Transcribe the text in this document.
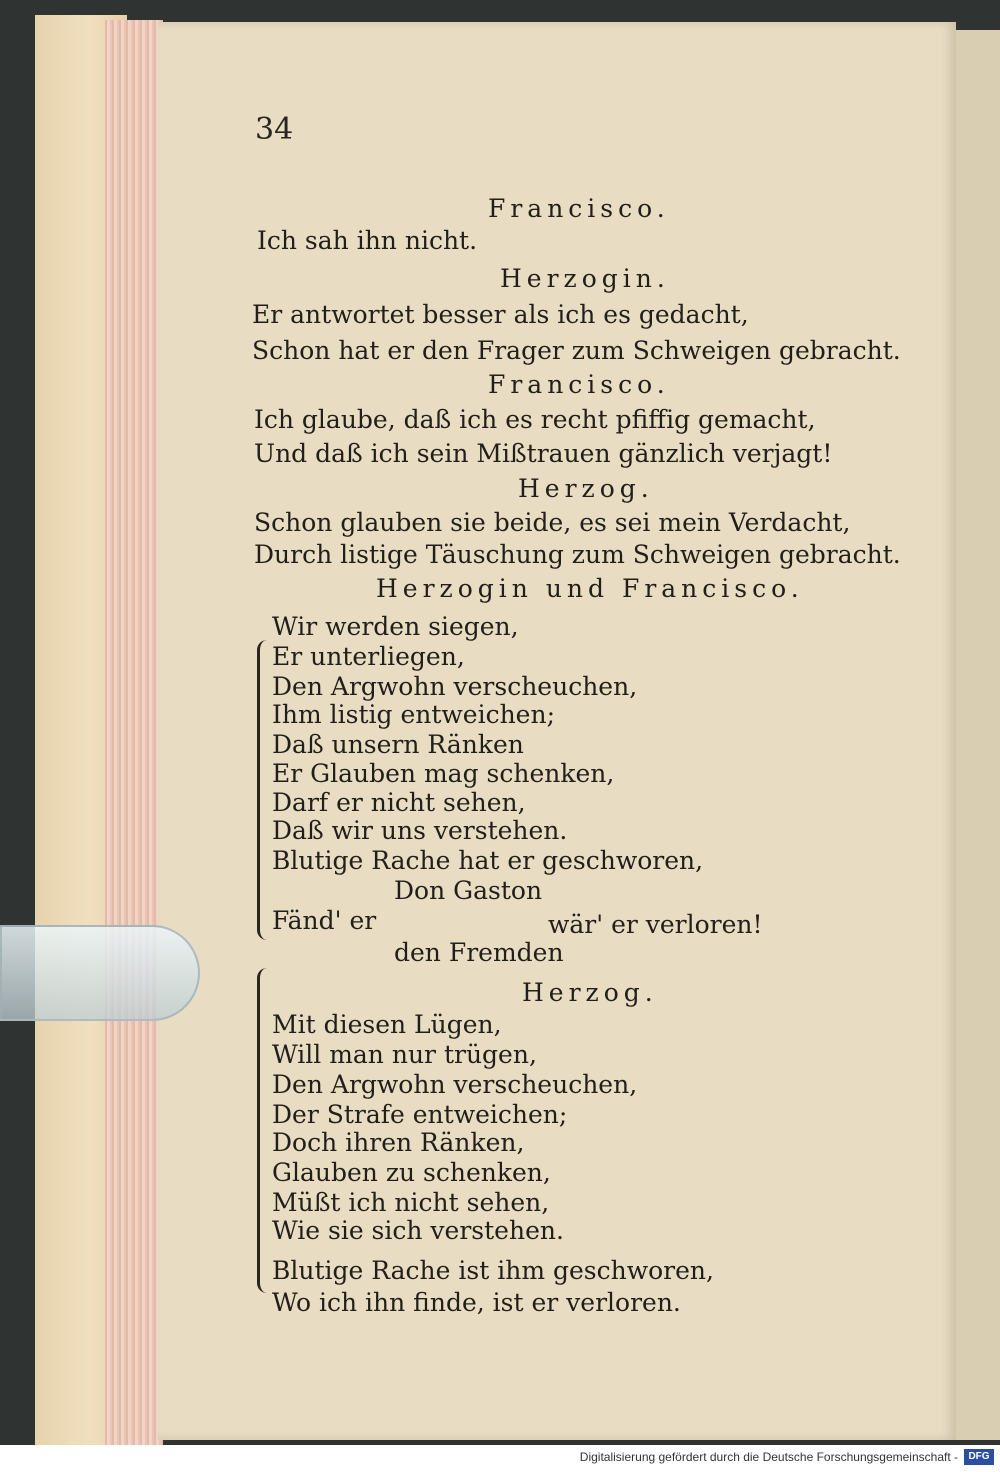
34
Francisco.
Ich sah ihn nicht.
Herzogin.
Er antwortet besser als ich es gedacht,
Schon hat er den Frager zum Schweigen gebracht.
Francisco.
Ich glaube, daß ich es recht pfiffig gemacht,
Und daß ich sein Mißtrauen gänzlich verjagt!
Herzog.
Schon glauben sie beide, es sei mein Verdacht,
Durch listige Täuschung zum Schweigen gebracht.
Herzogin und Francisco.
Wir werden siegen,
Er unterliegen,
Den Argwohn verscheuchen,
Ihm listig entweichen;
Daß unsern Ränken
Er Glauben mag schenken,
Darf er nicht sehen,
Daß wir uns verstehen.
Blutige Rache hat er geschworen,
Don Gaston
Fänd' er	wär' er verloren!
den Fremden
Herzog.
Mit diesen Lügen,
Will man nur trügen,
Den Argwohn verscheuchen,
Der Strafe entweichen;
Doch ihren Ränken,
Glauben zu schenken,
Müßt ich nicht sehen,
Wie sie sich verstehen.
Blutige Rache ist ihm geschworen,
Wo ich ihn finde, ist er verloren.
Digitalisierung gefördert durch die Deutsche Forschungsgemeinschaft -	DFG
